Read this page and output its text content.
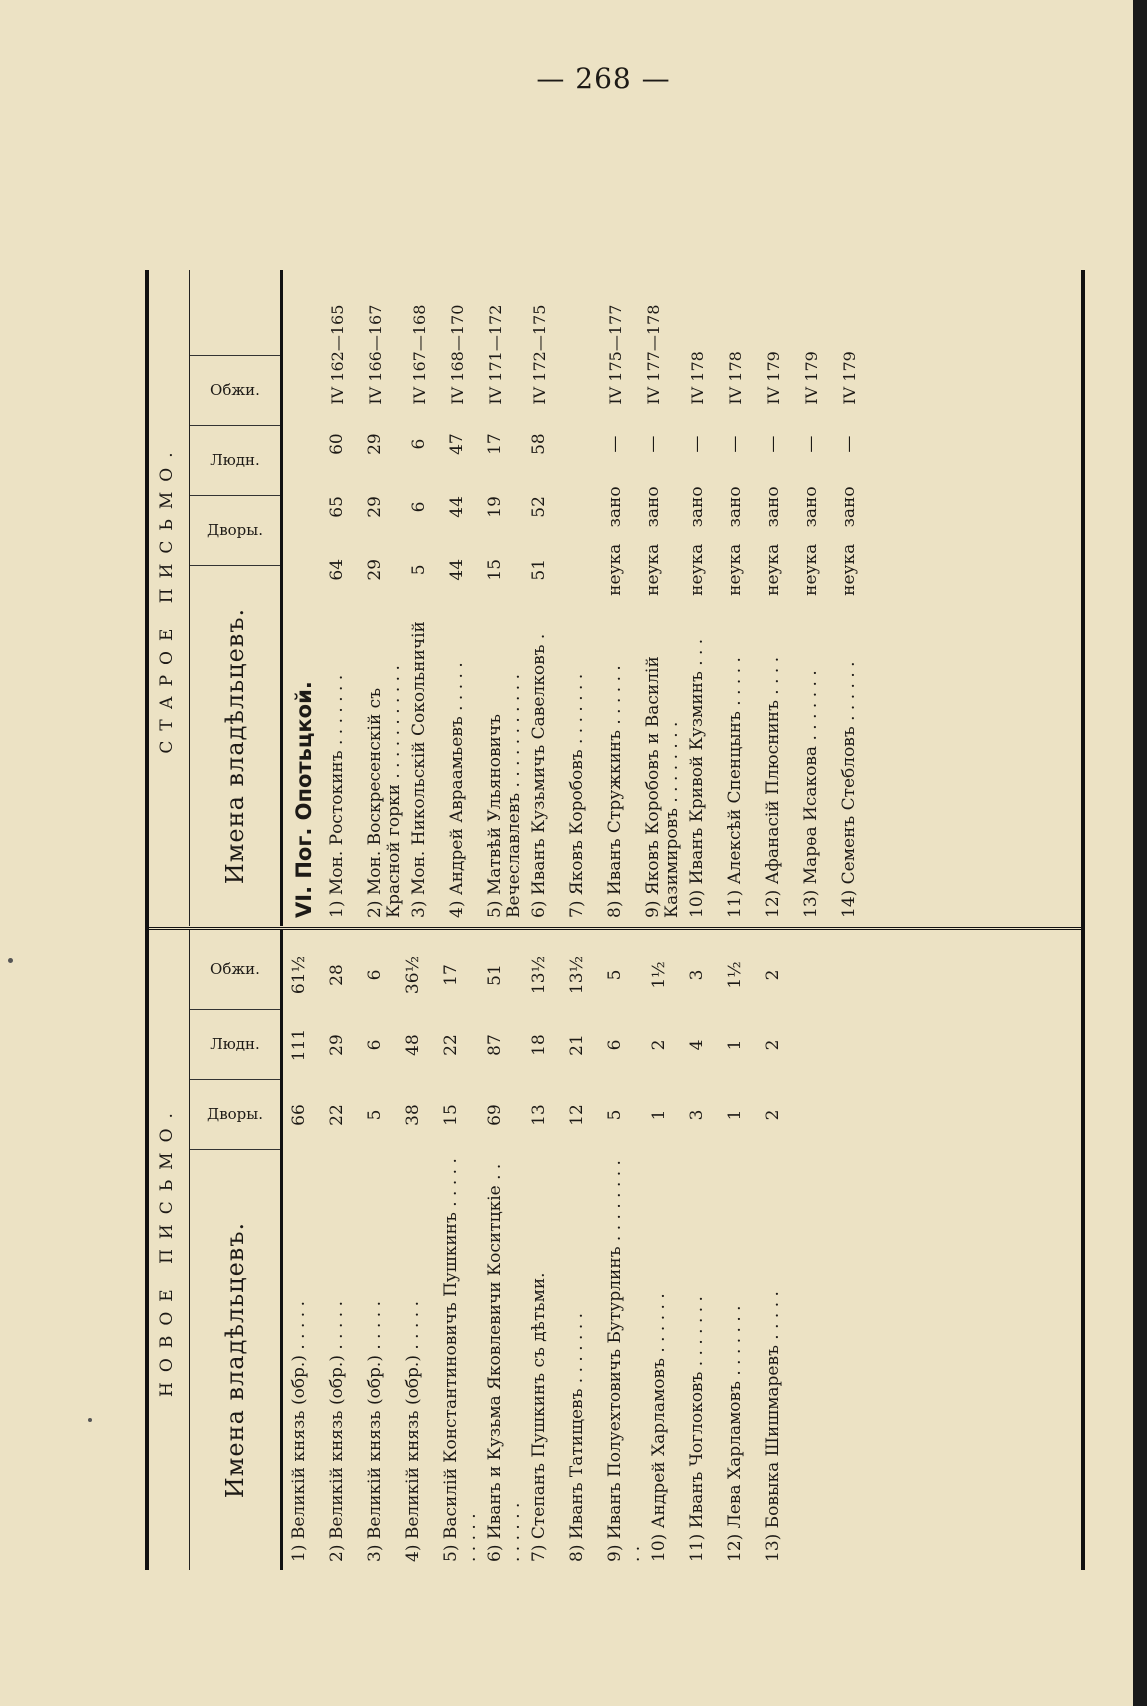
— 268 —
НОВОЕ ПИСЬМО.	Имена владѣльцевъ.
Дворы.
Людн.
Обжи.
1) Великій князь (обр.) . . . . .
66
111
61½
2) Великій князь (обр.) . . . . .
22
29
28
3) Великій князь (обр.) . . . . .
5
6
6
4) Великій князь (обр.) . . . . .
38
48
36½
5) Василій Константиновичъ Пушкинъ . . . . . . . . . .
15
22
17
6) Иванъ и Кузьма Яковлевичи Коситцкіе . . . . . . . .
69
87
51
7) Степанъ Пушкинъ съ дѣтьми.
13
18
13½
8) Иванъ Татищевъ . . . . . . .
12
21
13½
9) Иванъ Полуехтовичъ Бутурлинъ . . . . . . . . . .
5
6
5
10) Андрей Харламовъ . . . . . .
1
2
1½
11) Иванъ Чоглоковъ . . . . . . .
3
4
3
12) Лева Харламовъ . . . . . . .
1
1
1½
13) Бовыка Шишмаревъ . . . . .
2
2
2
СТАРОЕ ПИСЬМО.	Имена владѣльцевъ.
Дворы.
Людн.
Обжи.
VI. Пог. Опотьцкой. 1) Мон. Ростокинъ . . . . . . .
64
65
60
IV 162—165
2) Мон. Воскресенскій съ Красной горки . . . . . . . . . . .
29
29
29
IV 166—167
3) Мон. Никольскій Сокольничій
5
6
6
IV 167—168
4) Андрей Авраамьевъ . . . . .
44
44
47
IV 168—170
5) Матвѣй Ульяновичъ Вечеславлевъ . . . . . . . . . . .
15
19
17
IV 171—172
6) Иванъ Кузьмичъ Савелковъ .
51
52
58
IV 172—175
7) Яковъ Коробовъ . . . . . . . 8) Иванъ Стружкинъ . . . . . .
неука
зано
—
IV 175—177
9) Яковъ Коробовъ и Василій Казимировъ . . . . . . . .
неука
зано
—
IV 177—178
10) Иванъ Кривой Кузминъ . . .
неука
зано
—
IV 178
11) Алексѣй Спенцынъ . . . . .
неука
зано
—
IV 178
12) Афанасій Плюснинъ . . . .
неука
зано
—
IV 179
13) Марѳа Исакова . . . . . . .
неука
зано
—
IV 179
14) Семенъ Стебловъ . . . . . .
неука
зано
—
IV 179
